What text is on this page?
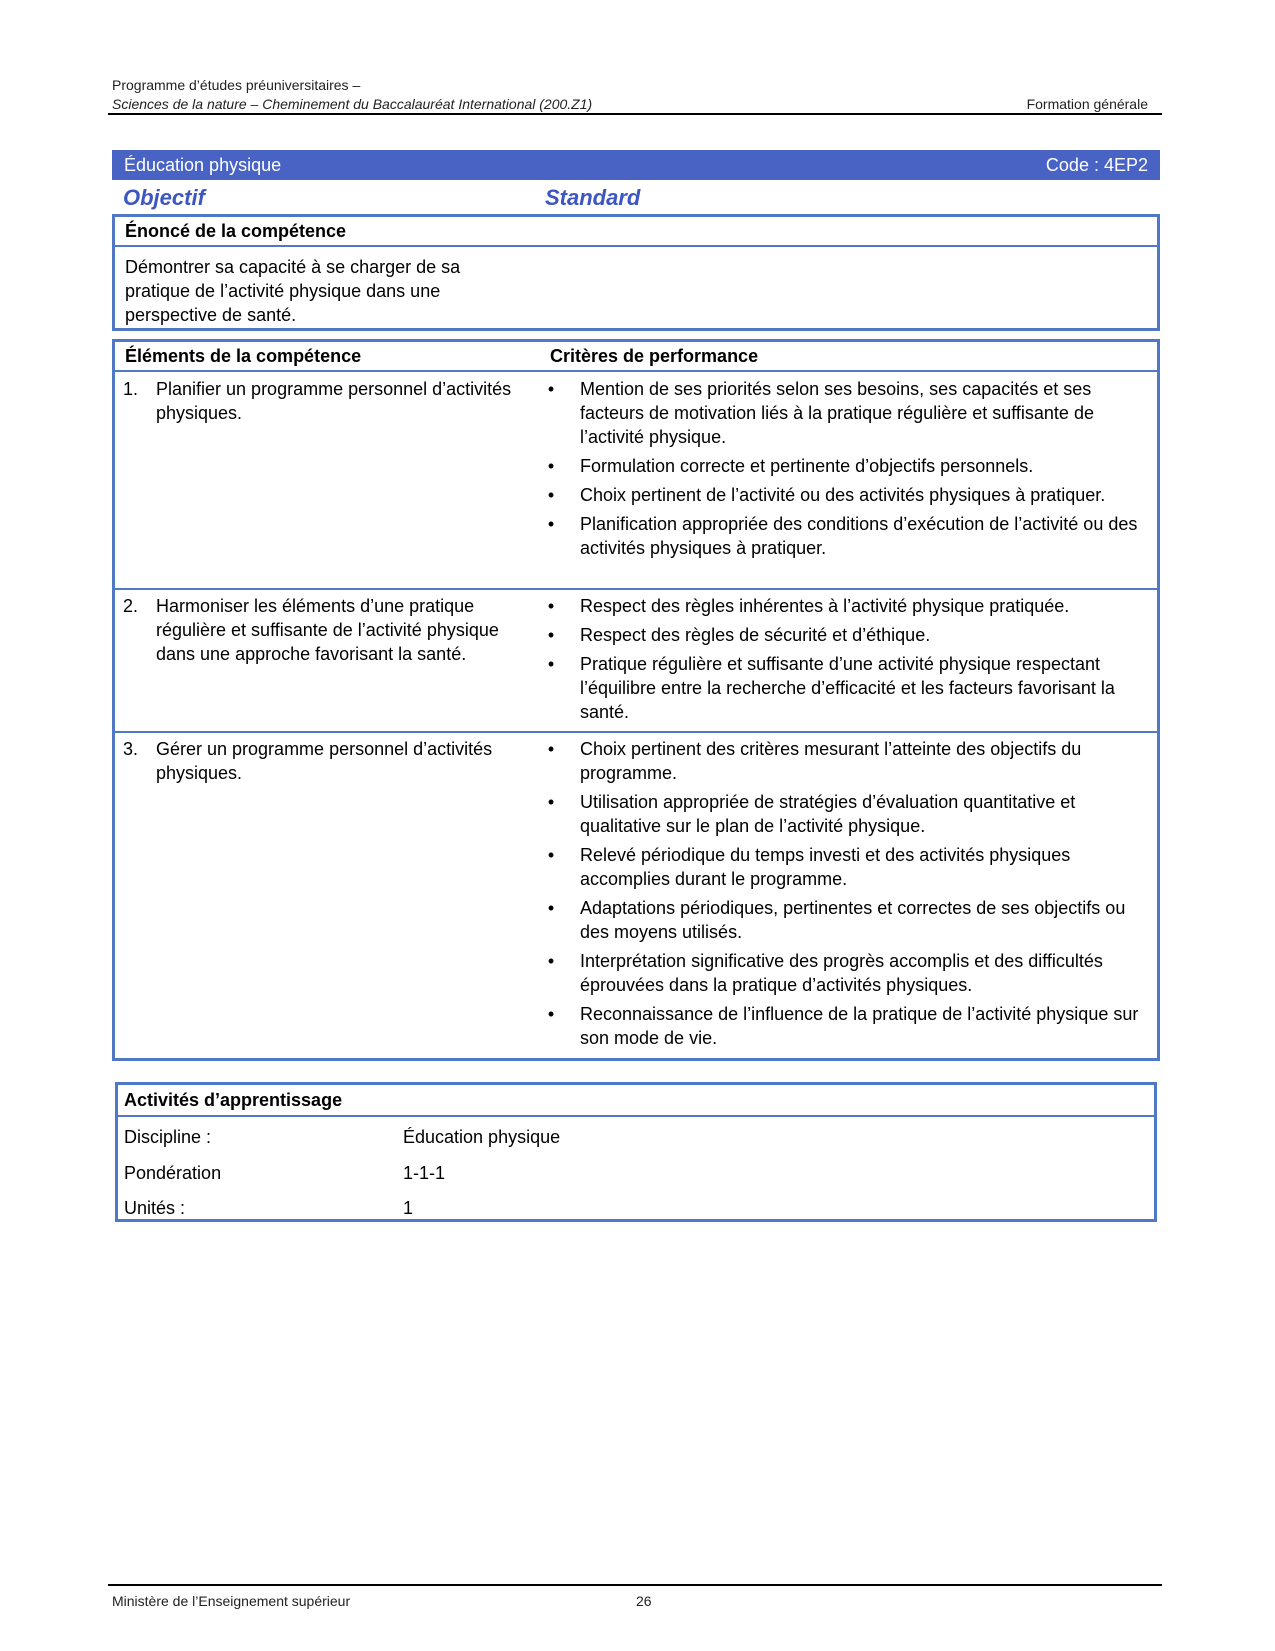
Programme d’études préuniversitaires –
Sciences de la nature – Cheminement du Baccalauréat International (200.Z1)	Formation générale
Éducation physique	Code : 4EP2
Objectif	Standard
Énoncé de la compétence
Démontrer sa capacité à se charger de sa pratique de l’activité physique dans une perspective de santé.
Éléments de la compétence	Critères de performance
1. Planifier un programme personnel d’activités physiques.
• Mention de ses priorités selon ses besoins, ses capacités et ses facteurs de motivation liés à la pratique régulière et suffisante de l’activité physique.
• Formulation correcte et pertinente d’objectifs personnels.
• Choix pertinent de l’activité ou des activités physiques à pratiquer.
• Planification appropriée des conditions d’exécution de l’activité ou des activités physiques à pratiquer.
2. Harmoniser les éléments d’une pratique régulière et suffisante de l’activité physique dans une approche favorisant la santé.
• Respect des règles inhérentes à l’activité physique pratiquée.
• Respect des règles de sécurité et d’éthique.
• Pratique régulière et suffisante d’une activité physique respectant l’équilibre entre la recherche d’efficacité et les facteurs favorisant la santé.
3. Gérer un programme personnel d’activités physiques.
• Choix pertinent des critères mesurant l’atteinte des objectifs du programme.
• Utilisation appropriée de stratégies d’évaluation quantitative et qualitative sur le plan de l’activité physique.
• Relevé périodique du temps investi et des activités physiques accomplies durant le programme.
• Adaptations périodiques, pertinentes et correctes de ses objectifs ou des moyens utilisés.
• Interprétation significative des progrès accomplis et des difficultés éprouvées dans la pratique d’activités physiques.
• Reconnaissance de l’influence de la pratique de l’activité physique sur son mode de vie.
Activités d’apprentissage
Discipline :	Éducation physique
Pondération	1-1-1
Unités :	1
Ministère de l’Enseignement supérieur	26
